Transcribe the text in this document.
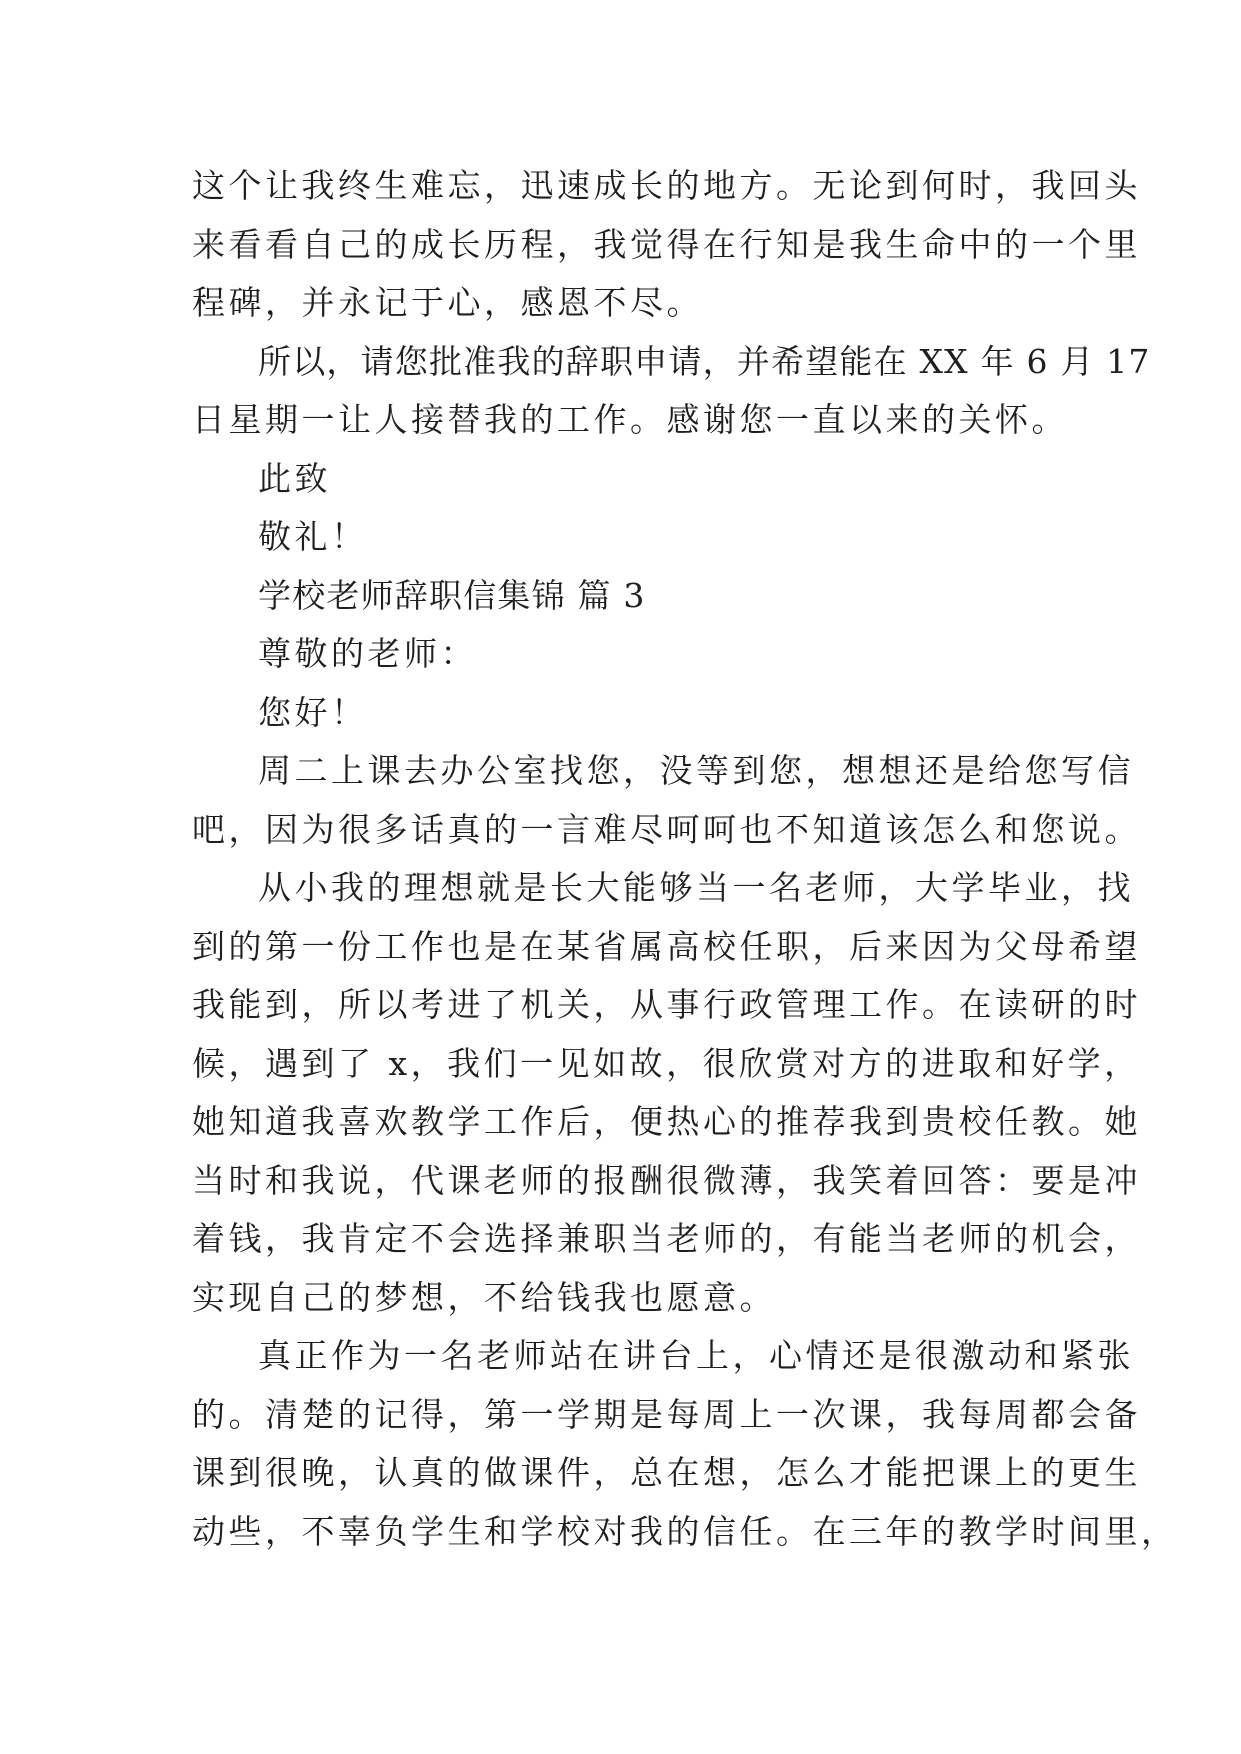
这个让我终生难忘，迅速成长的地方。无论到何时，我回头
来看看自己的成长历程，我觉得在行知是我生命中的一个里
程碑，并永记于心，感恩不尽。
所以，请您批准我的辞职申请，并希望能在 XX 年 6 月 17
日星期一让人接替我的工作。感谢您一直以来的关怀。
此致
敬礼！
学校老师辞职信集锦 篇 3
尊敬的老师：
您好！
周二上课去办公室找您，没等到您，想想还是给您写信
吧，因为很多话真的一言难尽呵呵也不知道该怎么和您说。
从小我的理想就是长大能够当一名老师，大学毕业，找
到的第一份工作也是在某省属高校任职，后来因为父母希望
我能到，所以考进了机关，从事行政管理工作。在读研的时
候，遇到了 x，我们一见如故，很欣赏对方的进取和好学，
她知道我喜欢教学工作后，便热心的推荐我到贵校任教。她
当时和我说，代课老师的报酬很微薄，我笑着回答：要是冲
着钱，我肯定不会选择兼职当老师的，有能当老师的机会，
实现自己的梦想，不给钱我也愿意。
真正作为一名老师站在讲台上，心情还是很激动和紧张
的。清楚的记得，第一学期是每周上一次课，我每周都会备
课到很晚，认真的做课件，总在想，怎么才能把课上的更生
动些，不辜负学生和学校对我的信任。在三年的教学时间里，
